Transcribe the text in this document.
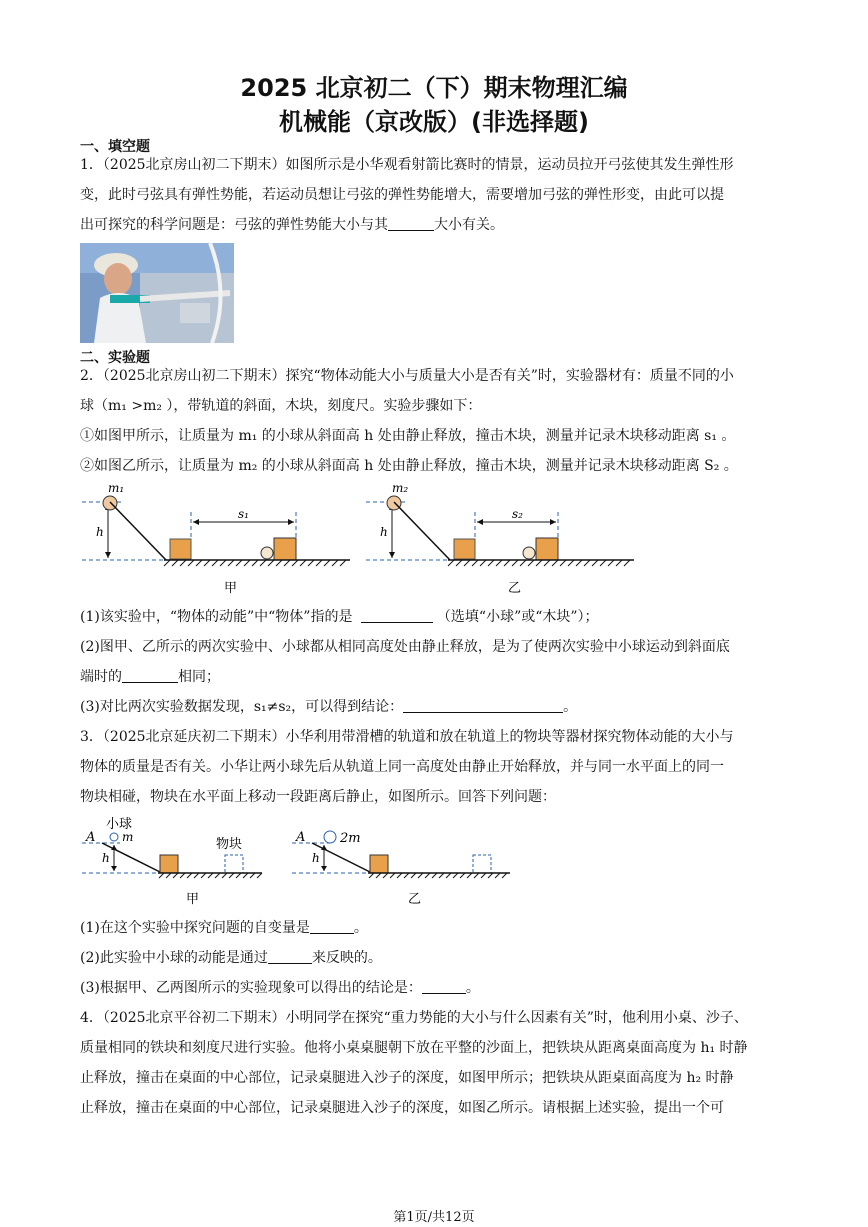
2025 北京初二（下）期末物理汇编
机械能（京改版）(非选择题)
一、填空题
1．（2025北京房山初二下期末）如图所示是小华观看射箭比赛时的情景，运动员拉开弓弦使其发生弹性形
变，此时弓弦具有弹性势能，若运动员想让弓弦的弹性势能增大，需要增加弓弦的弹性形变，由此可以提
出可探究的科学问题是：弓弦的弹性势能大小与其	大小有关。
二、实验题
2．（2025北京房山初二下期末）探究“物体动能大小与质量大小是否有关”时，实验器材有：质量不同的小
球（m₁ >m₂ ），带轨道的斜面，木块，刻度尺。实验步骤如下：
①如图甲所示，让质量为 m₁ 的小球从斜面高 h 处由静止释放，撞击木块，测量并记录木块移动距离 s₁ 。
②如图乙所示，让质量为 m₂ 的小球从斜面高 h 处由静止释放，撞击木块，测量并记录木块移动距离 S₂ 。
h
m₁
s₁
甲
h
m₂
s₂
乙
(1)该实验中，“物体的动能”中“物体”指的是	（选填“小球”或“木块”）；
(2)图甲、乙所示的两次实验中、小球都从相同高度处由静止释放，是为了使两次实验中小球运动到斜面底
端时的	相同；
(3)对比两次实验数据发现，s₁≠s₂，可以得到结论：	。
3．（2025北京延庆初二下期末）小华利用带滑槽的轨道和放在轨道上的物块等器材探究物体动能的大小与
物体的质量是否有关。小华让两小球先后从轨道上同一高度处由静止开始释放，并与同一水平面上的同一
物块相碰，物块在水平面上移动一段距离后静止，如图所示。回答下列问题：
小球
A m
h
物块
甲
A	2m
h
乙
(1)在这个实验中探究问题的自变量是	。
(2)此实验中小球的动能是通过	来反映的。
(3)根据甲、乙两图所示的实验现象可以得出的结论是：	。
4．（2025北京平谷初二下期末）小明同学在探究“重力势能的大小与什么因素有关”时，他利用小桌、沙子、
质量相同的铁块和刻度尺进行实验。他将小桌桌腿朝下放在平整的沙面上，把铁块从距离桌面高度为 h₁ 时静
止释放，撞击在桌面的中心部位，记录桌腿进入沙子的深度，如图甲所示；把铁块从距桌面高度为 h₂ 时静
止释放，撞击在桌面的中心部位，记录桌腿进入沙子的深度，如图乙所示。请根据上述实验，提出一个可
第1页/共12页
